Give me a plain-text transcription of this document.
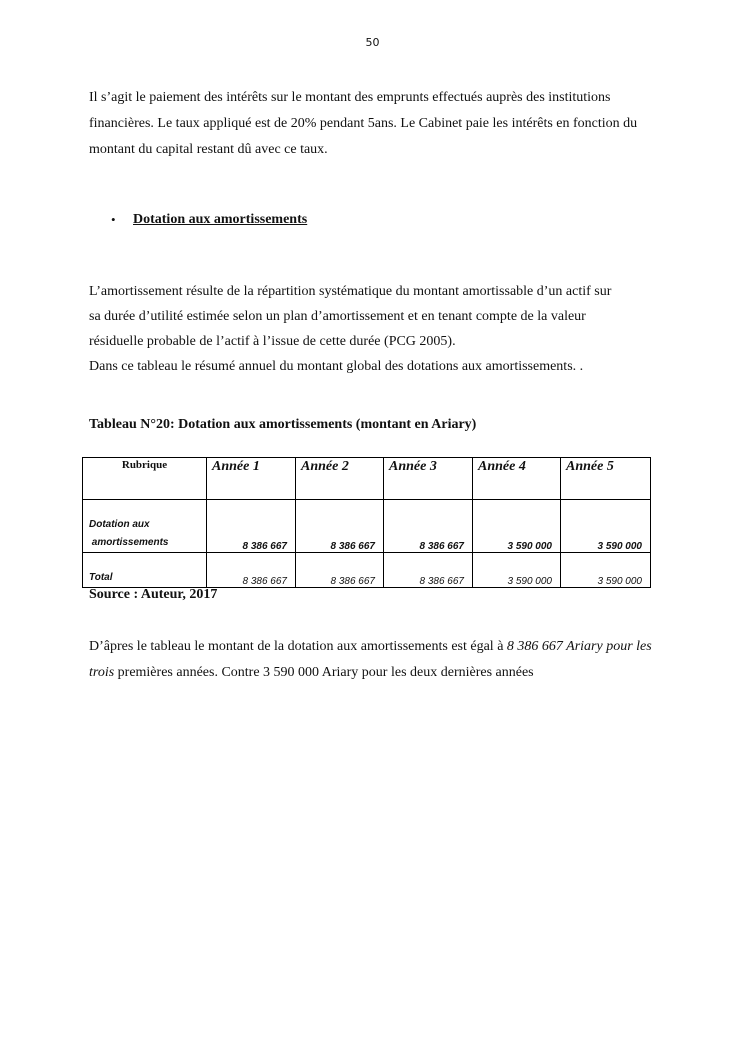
50

Il s’agit le paiement des intérêts sur le montant des emprunts effectués auprès des institutions financières. Le taux appliqué est de 20% pendant 5ans. Le Cabinet paie les intérêts en fonction du montant du capital restant dû avec ce taux.

•	Dotation aux amortissements

L’amortissement résulte de la répartition systématique du montant amortissable d’un actif sur
sa durée d’utilité estimée selon un plan d’amortissement et en tenant compte de la valeur
résiduelle probable de l’actif à l’issue de cette durée (PCG 2005).
Dans ce tableau le résumé annuel du montant global des dotations aux amortissements. .

Tableau N°20: Dotation aux amortissements (montant en Ariary)
Rubrique	Année 1	Année 2	Année 3	Année 4	Année 5
Dotation aux
amortissements	8 386 667	8 386 667	8 386 667	3 590 000	3 590 000
Total	8 386 667	8 386 667	8 386 667	3 590 000	3 590 000
Source : Auteur, 2017

D’âpres le tableau le montant de la dotation aux amortissements est égal à 8 386 667 Ariary pour les trois premières années. Contre 3 590 000 Ariary pour les deux dernières années
